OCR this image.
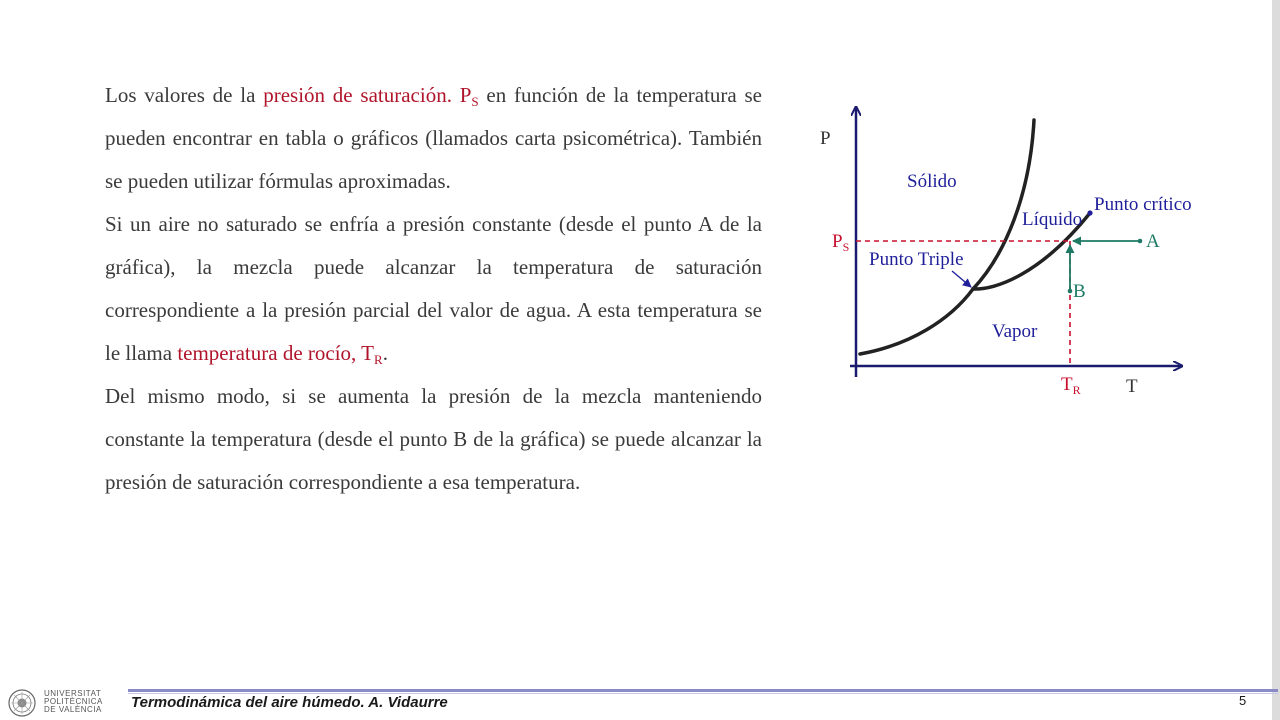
Los valores de la presión de saturación. $P_S$ en función de la temperatura se pueden encontrar en tabla o gráficos (llamados carta psicométrica). También se pueden utilizar fórmulas aproximadas.

Si un aire no saturado se enfría a presión constante (desde el punto A de la gráfica), la mezcla puede alcanzar la temperatura de saturación correspondiente a la presión parcial del valor de agua. A esta temperatura se le llama temperatura de rocío, $T_R$.

Del mismo modo, si se aumenta la presión de la mezcla manteniendo constante la temperatura (desde el punto B de la gráfica) se puede alcanzar la presión de saturación correspondiente a esa temperatura.

P
T
Sólido
Líquido
Punto crítico
Punto Triple
Vapor
A
B
$P_S$
$T_R$
UNIVERSITAT
POLITÈCNICA
DE VALÈNCIA Termodinámica del aire húmedo. A. Vidaurre	5
